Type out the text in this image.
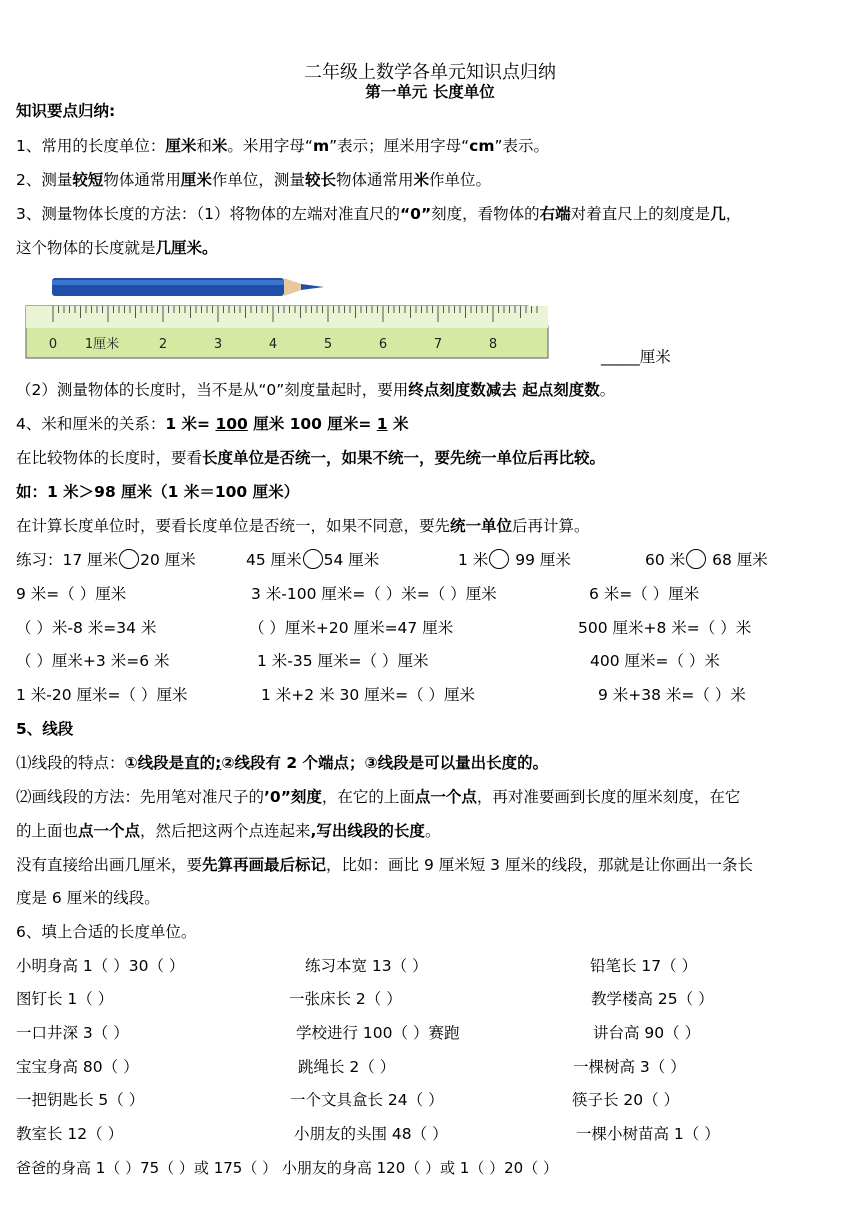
二年级上数学各单元知识点归纳
第一单元 长度单位
知识要点归纳:
1、常用的长度单位：厘米和米。米用字母“m”表示；厘米用字母“cm”表示。
2、测量较短物体通常用厘米作单位，测量较长物体通常用米作单位。
3、测量物体长度的方法：（1）将物体的左端对准直尺的“0”刻度，看物体的右端对着直尺上的刻度是几，
这个物体的长度就是几厘米。
0 1厘米	2	3	4	5	6	7	8
_____厘米
（2）测量物体的长度时，当不是从“0”刻度量起时，要用终点刻度数减去 起点刻度数。
4、米和厘米的关系：1 米= 100 厘米 100 厘米= 1 米
在比较物体的长度时，要看长度单位是否统一，如果不统一，要先统一单位后再比较。
如：1 米＞98 厘米（1 米＝100 厘米）
在计算长度单位时，要看长度单位是否统一，如果不同意，要先统一单位后再计算。
练习：17 厘米 20 厘米	45 厘米 54 厘米	1 米 99 厘米	60 米 68 厘米
9 米=（ ）厘米	3 米-100 厘米=（ ）米=（ ）厘米	6 米=（ ）厘米
（ ）米-8 米=34 米	（ ）厘米+20 厘米=47 厘米	500 厘米+8 米=（ ）米
（ ）厘米+3 米=6 米	1 米-35 厘米=（ ）厘米	400 厘米=（ ）米
1 米-20 厘米=（ ）厘米	1 米+2 米 30 厘米=（ ）厘米	9 米+38 米=（ ）米
5、线段
⑴线段的特点：①线段是直的;②线段有 2 个端点；③线段是可以量出长度的。
⑵画线段的方法：先用笔对准尺子的’0”刻度，在它的上面点一个点，再对准要画到长度的厘米刻度，在它
的上面也点一个点，然后把这两个点连起来,写出线段的长度。
没有直接给出画几厘米，要先算再画最后标记，比如：画比 9 厘米短 3 厘米的线段，那就是让你画出一条长
度是 6 厘米的线段。
6、填上合适的长度单位。
小明身高 1（ ）30（ ）	练习本宽 13（ ）	铅笔长 17（ ）
图钉长 1（ ）	一张床长 2（ ）	教学楼高 25（ ）
一口井深 3（ ）	学校进行 100（ ）赛跑	讲台高 90（ ）
宝宝身高 80（ ）	跳绳长 2（ ）	一棵树高 3（ ）
一把钥匙长 5（ ）	一个文具盒长 24（ ）	筷子长 20（ ）
教室长 12（ ）	小朋友的头围 48（ ）	一棵小树苗高 1（ ）
爸爸的身高 1（ ）75（ ）或 175（ ） 小朋友的身高 120（ ）或 1（ ）20（ ）
